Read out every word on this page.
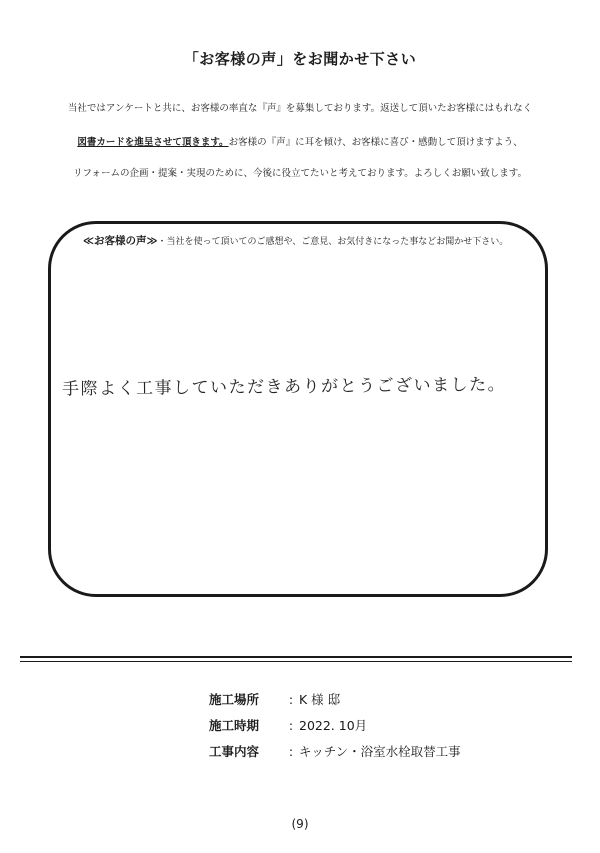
「お客様の声」をお聞かせ下さい
当社ではアンケートと共に、お客様の率直な『声』を募集しております。返送して頂いたお客様にはもれなく
図書カードを進呈させて頂きます。お客様の『声』に耳を傾け、お客様に喜び・感動して頂けますよう、
リフォームの企画・提案・実現のために、今後に役立てたいと考えております。よろしくお願い致します。
≪お客様の声≫・当社を使って頂いてのご感想や、ご意見、お気付きになった事などお聞かせ下さい。
手際よく工事していただきありがとうございました。
施工場所 : K 様 邸
施工時期 : 2022. 10月
工事内容 : キッチン・浴室水栓取替工事
(9)
